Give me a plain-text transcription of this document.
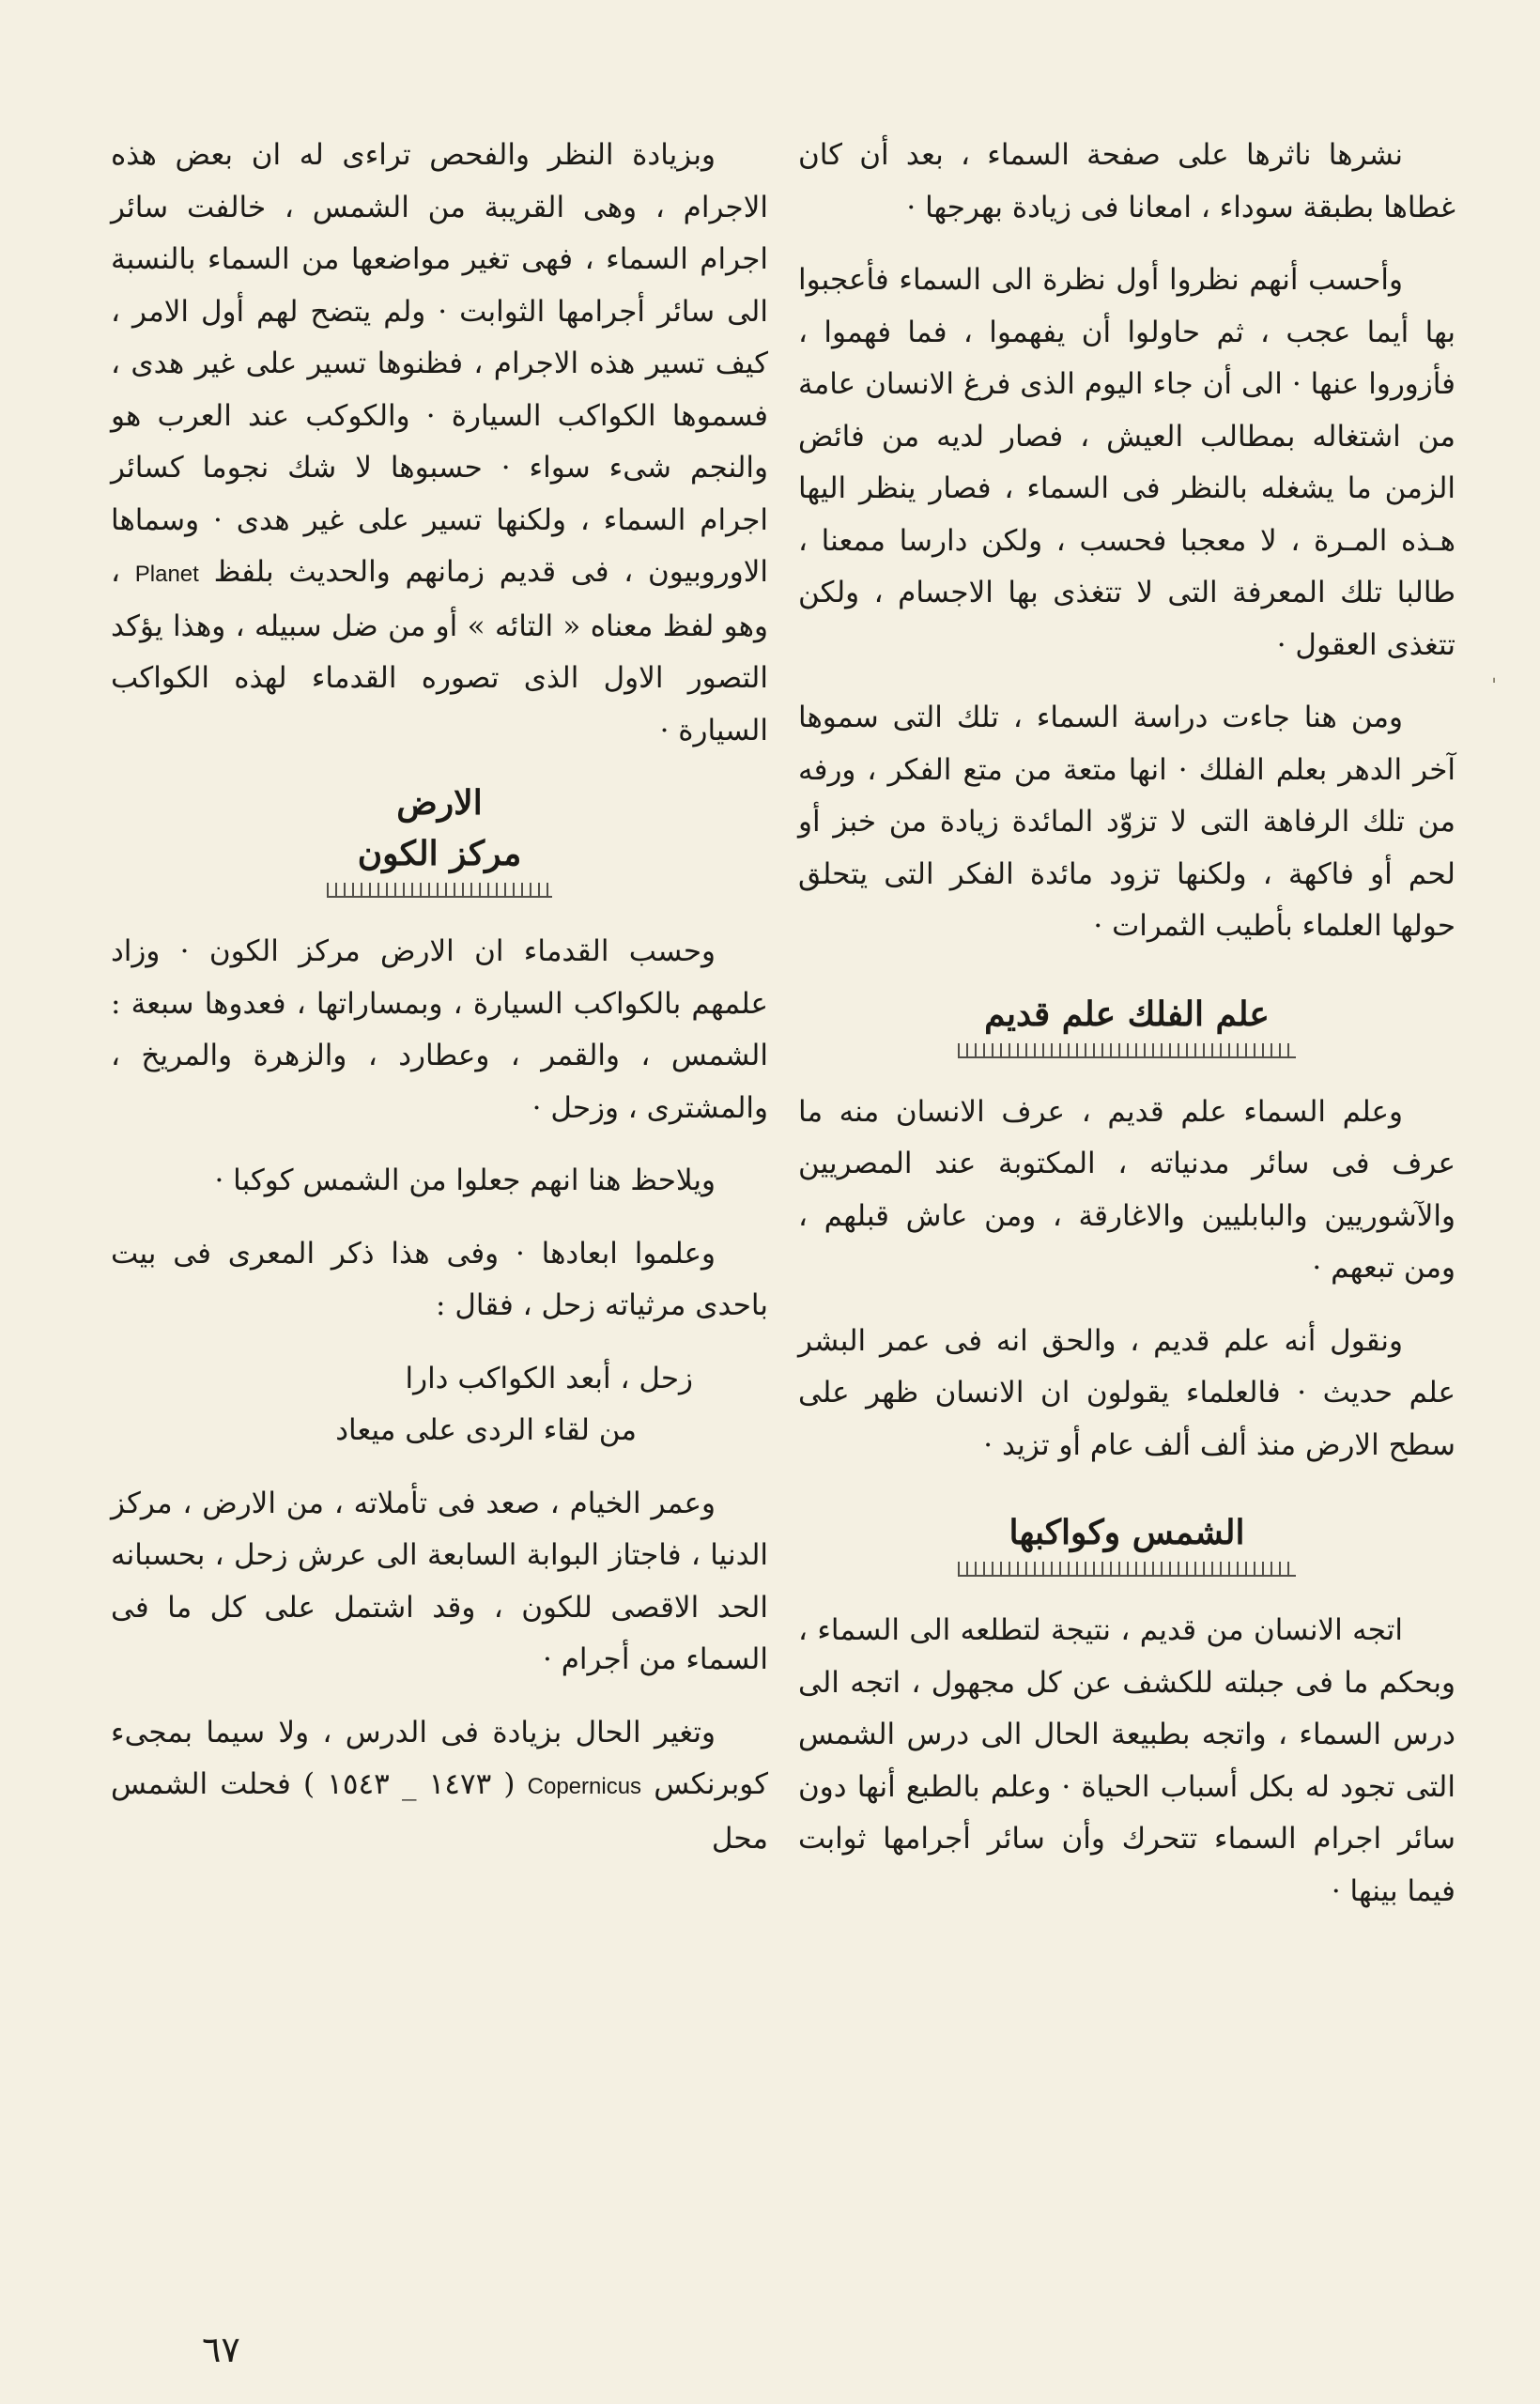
نشرها ناثرها على صفحة السماء ، بعد أن كان غطاها بطبقة سوداء ، امعانا فى زيادة بهرجها ·

وأحسب أنهم نظروا أول نظرة الى السماء فأعجبوا بها أيما عجب ، ثم حاولوا أن يفهموا ، فما فهموا ، فأزوروا عنها · الى أن جاء اليوم الذى فرغ الانسان عامة من اشتغاله بمطالب العيش ، فصار لديه من فائض الزمن ما يشغله بالنظر فى السماء ، فصار ينظر اليها هـذه المـرة ، لا معجبا فحسب ، ولكن دارسا ممعنا ، طالبا تلك المعرفة التى لا تتغذى بها الاجسام ، ولكن تتغذى العقول ·

ومن هنا جاءت دراسة السماء ، تلك التى سموها آخر الدهر بعلم الفلك · انها متعة من متع الفكر ، ورفه من تلك الرفاهة التى لا تزوّد المائدة زيادة من خبز أو لحم أو فاكهة ، ولكنها تزود مائدة الفكر التى يتحلق حولها العلماء بأطيب الثمرات ·

علم الفلك علم قديم

وعلم السماء علم قديم ، عرف الانسان منه ما عرف فى سائر مدنياته ، المكتوبة عند المصريين والآشوريين والبابليين والاغارقة ، ومن عاش قبلهم ، ومن تبعهم ·

ونقول أنه علم قديم ، والحق انه فى عمر البشر علم حديث · فالعلماء يقولون ان الانسان ظهر على سطح الارض منذ ألف ألف عام أو تزيد ·

الشمس وكواكبها

اتجه الانسان من قديم ، نتيجة لتطلعه الى السماء ، وبحكم ما فى جبلته للكشف عن كل مجهول ، اتجه الى درس السماء ، واتجه بطبيعة الحال الى درس الشمس التى تجود له بكل أسباب الحياة · وعلم بالطبع أنها دون سائر اجرام السماء تتحرك وأن سائر أجرامها ثوابت فيما بينها ·

وبزيادة النظر والفحص تراءى له ان بعض هذه الاجرام ، وهى القريبة من الشمس ، خالفت سائر اجرام السماء ، فهى تغير مواضعها من السماء بالنسبة الى سائر أجرامها الثوابت · ولم يتضح لهم أول الامر ، كيف تسير هذه الاجرام ، فظنوها تسير على غير هدى ، فسموها الكواكب السيارة · والكوكب عند العرب هو والنجم شىء سواء · حسبوها لا شك نجوما كسائر اجرام السماء ، ولكنها تسير على غير هدى · وسماها الاوروبيون ، فى قديم زمانهم والحديث بلفظ Planet ، وهو لفظ معناه « التائه » أو من ضل سبيله ، وهذا يؤكد التصور الاول الذى تصوره القدماء لهذه الكواكب السيارة ·

الارض
مركز الكون

وحسب القدماء ان الارض مركز الكون · وزاد علمهم بالكواكب السيارة ، وبمساراتها ، فعدوها سبعة : الشمس ، والقمر ، وعطارد ، والزهرة والمريخ ، والمشترى ، وزحل ·

ويلاحظ هنا انهم جعلوا من الشمس كوكبا ·

وعلموا ابعادها · وفى هذا ذكر المعرى فى بيت باحدى مرثياته زحل ، فقال :

زحل ، أبعد الكواكب دارا

من لقاء الردى على ميعاد

وعمر الخيام ، صعد فى تأملاته ، من الارض ، مركز الدنيا ، فاجتاز البوابة السابعة الى عرش زحل ، بحسبانه الحد الاقصى للكون ، وقد اشتمل على كل ما فى السماء من أجرام ·

وتغير الحال بزيادة فى الدرس ، ولا سيما بمجىء كوبرنكس Copernicus ( ١٤٧٣ _ ١٥٤٣ ) فحلت الشمس محل

٦٧
ˈ
